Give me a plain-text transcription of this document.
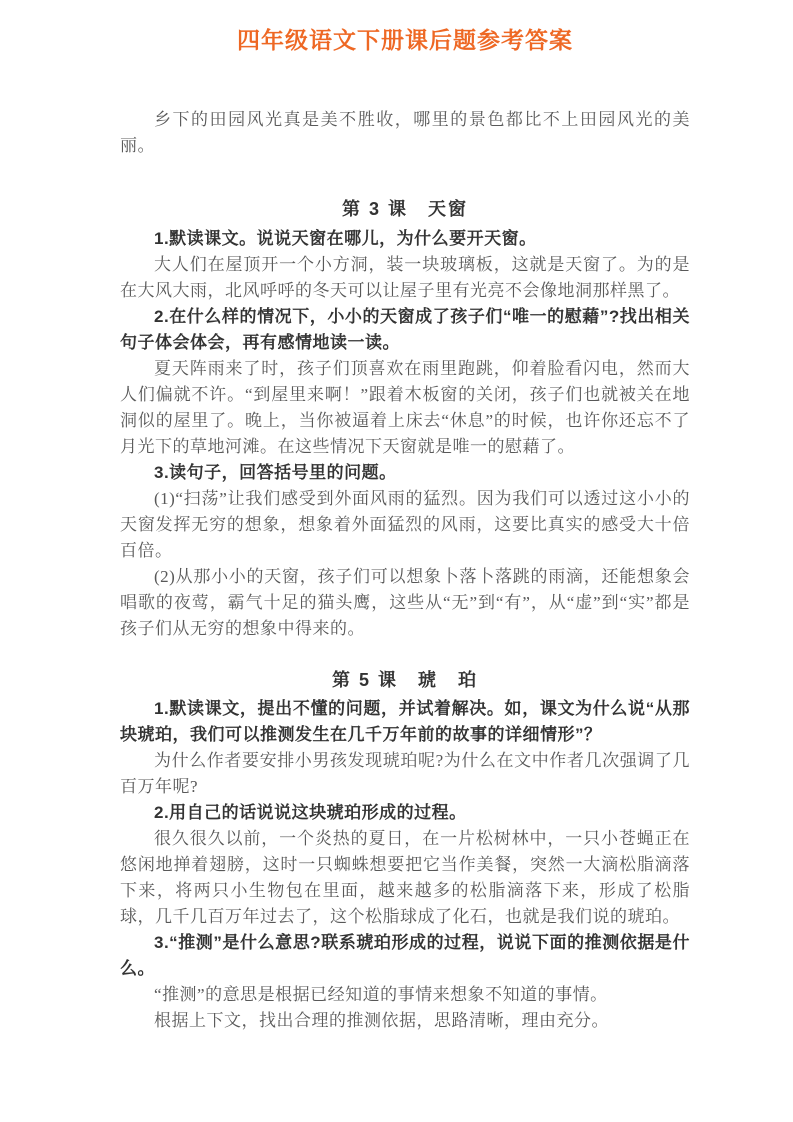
四年级语文下册课后题参考答案

乡下的田园风光真是美不胜收，哪里的景色都比不上田园风光的美丽。

第 3 课　天窗

1.默读课文。说说天窗在哪儿，为什么要开天窗。

大人们在屋顶开一个小方洞，装一块玻璃板，这就是天窗了。为的是在大风大雨，北风呼呼的冬天可以让屋子里有光亮不会像地洞那样黑了。

2.在什么样的情况下，小小的天窗成了孩子们“唯一的慰藉”?找出相关句子体会体会，再有感情地读一读。

夏天阵雨来了时，孩子们顶喜欢在雨里跑跳，仰着脸看闪电，然而大人们偏就不许。“到屋里来啊！”跟着木板窗的关闭，孩子们也就被关在地洞似的屋里了。晚上，当你被逼着上床去“休息”的时候，也许你还忘不了月光下的草地河滩。在这些情况下天窗就是唯一的慰藉了。

3.读句子，回答括号里的问题。

(1)“扫荡”让我们感受到外面风雨的猛烈。因为我们可以透过这小小的天窗发挥无穷的想象，想象着外面猛烈的风雨，这要比真实的感受大十倍百倍。

(2)从那小小的天窗，孩子们可以想象卜落卜落跳的雨滴，还能想象会唱歌的夜莺，霸气十足的猫头鹰，这些从“无”到“有”，从“虚”到“实”都是孩子们从无穷的想象中得来的。

第 5 课　琥　珀

1.默读课文，提出不懂的问题，并试着解决。如，课文为什么说“从那块琥珀，我们可以推测发生在几千万年前的故事的详细情形”？

为什么作者要安排小男孩发现琥珀呢?为什么在文中作者几次强调了几百万年呢?

2.用自己的话说说这块琥珀形成的过程。

很久很久以前，一个炎热的夏日，在一片松树林中，一只小苍蝇正在悠闲地掸着翅膀，这时一只蜘蛛想要把它当作美餐，突然一大滴松脂滴落下来，将两只小生物包在里面，越来越多的松脂滴落下来，形成了松脂球，几千几百万年过去了，这个松脂球成了化石，也就是我们说的琥珀。

3.“推测”是什么意思?联系琥珀形成的过程，说说下面的推测依据是什么。

“推测”的意思是根据已经知道的事情来想象不知道的事情。

根据上下文，找出合理的推测依据，思路清晰，理由充分。
